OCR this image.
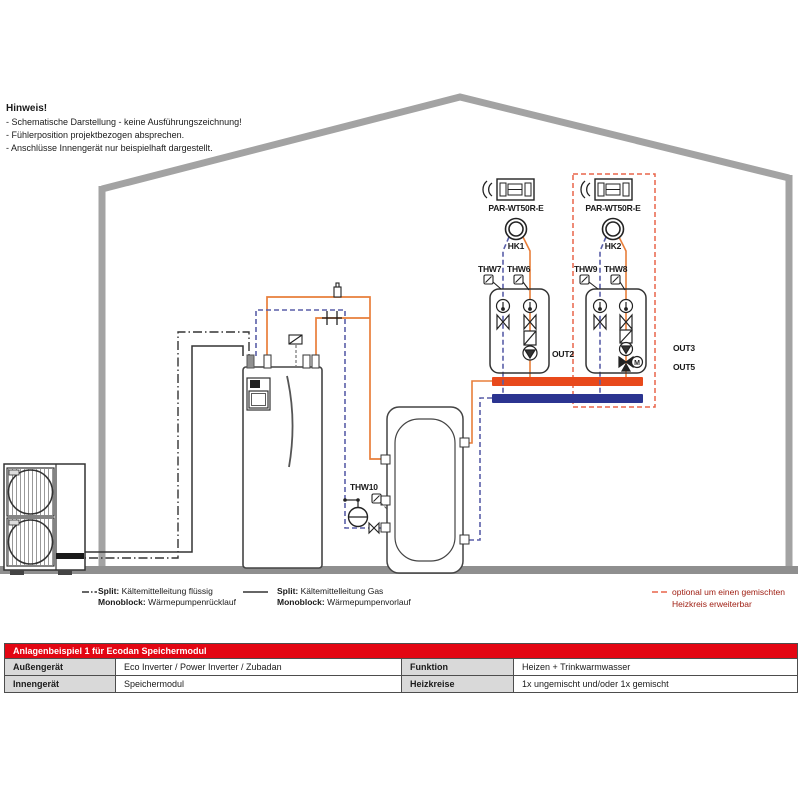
M
Hinweis!
- Schematische Darstellung - keine Ausführungszeichnung!
- Fühlerposition projektbezogen absprechen.
- Anschlüsse Innengerät nur beispielhaft dargestellt.
PAR-WT50R-E	PAR-WT50R-E
HK1	HK2
THW7 THW6	THW9 THW8
THW10
OUT2
OUT3
OUT5
Split: Kältemittelleitung flüssig
Monoblock: Wärmepumpenrücklauf
Split: Kältemittelleitung Gas
Monoblock: Wärmepumpenvorlauf
optional um einen gemischten
Heizkreis erweiterbar
Anlagenbeispiel 1 für Ecodan Speichermodul
Außengerät	Eco Inverter / Power Inverter / Zubadan	Funktion	Heizen + Trinkwarmwasser
Innengerät	Speichermodul	Heizkreise	1x ungemischt und/oder 1x gemischt
